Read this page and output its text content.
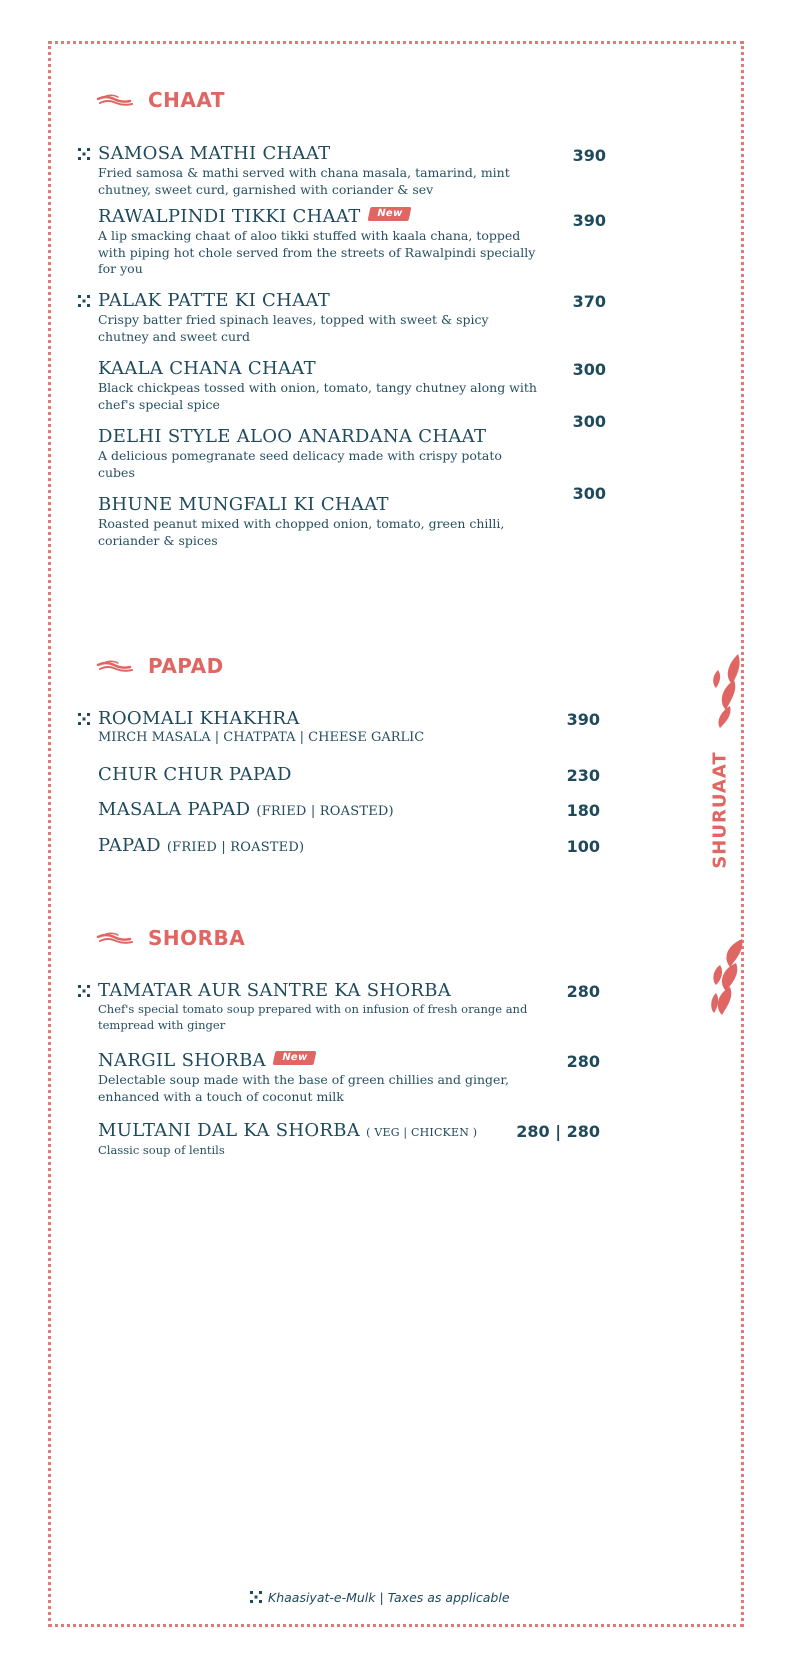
CHAAT
SAMOSA MATHI CHAAT
Fried samosa & mathi served with chana masala, tamarind, mint chutney, sweet curd, garnished with coriander & sev
390
RAWALPINDI TIKKI CHAAT New
A lip smacking chaat of aloo tikki stuffed with kaala chana, topped with piping hot chole served from the streets of Rawalpindi specially for you
390
PALAK PATTE KI CHAAT
Crispy batter fried spinach leaves, topped with sweet & spicy chutney and sweet curd
370
KAALA CHANA CHAAT
Black chickpeas tossed with onion, tomato, tangy chutney along with chef's special spice
300
DELHI STYLE ALOO ANARDANA CHAAT
A delicious pomegranate seed delicacy made with crispy potato cubes
300
BHUNE MUNGFALI KI CHAAT
Roasted peanut mixed with chopped onion, tomato, green chilli, coriander & spices
300
PAPAD
ROOMALI KHAKHRA
MIRCH MASALA | CHATPATA | CHEESE GARLIC
390
CHUR CHUR PAPAD	230
MASALA PAPAD (FRIED | ROASTED)	180
PAPAD (FRIED | ROASTED)	100
SHORBA
TAMATAR AUR SANTRE KA SHORBA
Chef's special tomato soup prepared with on infusion of fresh orange and tempread with ginger
280
NARGIL SHORBA New
Delectable soup made with the base of green chillies and ginger, enhanced with a touch of coconut milk
280
MULTANI DAL KA SHORBA ( VEG | CHICKEN )
Classic soup of lentils
280 | 280
SHURUAAT
Khaasiyat-e-Mulk | Taxes as applicable
